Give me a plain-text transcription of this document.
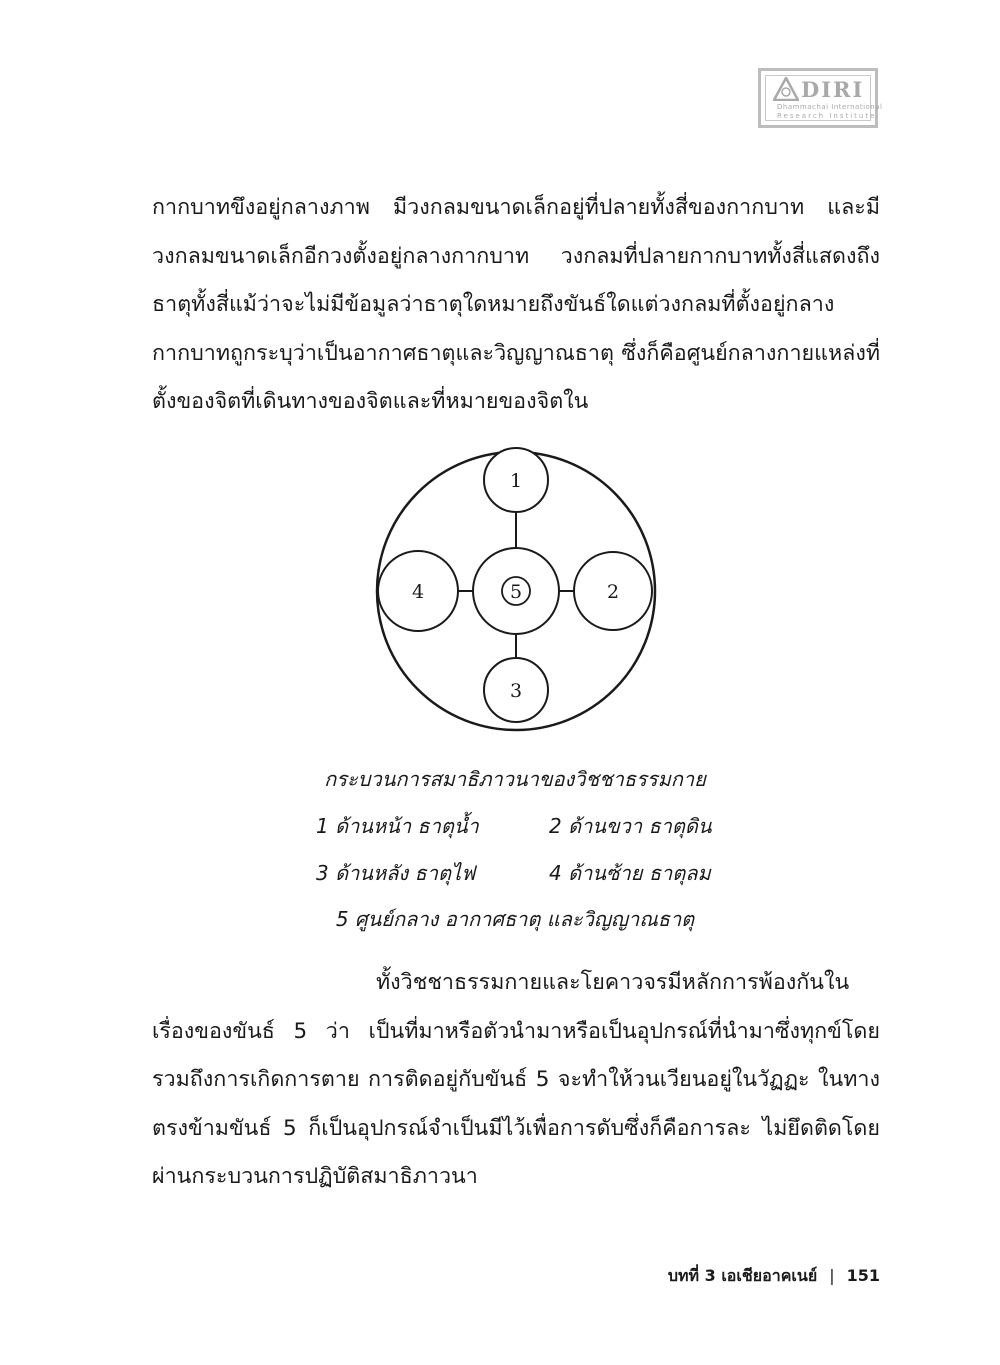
DIRI
Dhammachai International
Research Institute
กากบาทขึงอยู่กลางภาพ มีวงกลมขนาดเล็กอยู่ที่ปลายทั้งสี่ของกากบาท และมีวงกลมขนาดเล็กอีกวงตั้งอยู่กลางกากบาท วงกลมที่ปลายกากบาททั้งสี่แสดงถึงธาตุทั้งสี่แม้ว่าจะไม่มีข้อมูลว่าธาตุใดหมายถึงขันธ์ใดแต่วงกลมที่ตั้งอยู่กลางกากบาทถูกระบุว่าเป็นอากาศธาตุและวิญญาณธาตุ ซึ่งก็คือศูนย์กลางกายแหล่งที่ตั้งของจิตที่เดินทางของจิตและที่หมายของจิตใน
1
2
3
4	5
กระบวนการสมาธิภาวนาของวิชชาธรรมกาย
1 ด้านหน้า ธาตุน้ำ	2 ด้านขวา ธาตุดิน
3 ด้านหลัง ธาตุไฟ	4 ด้านซ้าย ธาตุลม
5 ศูนย์กลาง อากาศธาตุ และวิญญาณธาตุ
ทั้งวิชชาธรรมกายและโยคาวจรมีหลักการพ้องกันในเรื่องของขันธ์ 5 ว่า เป็นที่มาหรือตัวนำมาหรือเป็นอุปกรณ์ที่นำมาซึ่งทุกข์โดยรวมถึงการเกิดการตาย การติดอยู่กับขันธ์ 5 จะทำให้วนเวียนอยู่ในวัฏฏะ ในทางตรงข้ามขันธ์ 5 ก็เป็นอุปกรณ์จำเป็นมีไว้เพื่อการดับซึ่งก็คือการละ ไม่ยึดติดโดยผ่านกระบวนการปฏิบัติสมาธิภาวนา
บทที่ 3 เอเชียอาคเนย์ | 151
